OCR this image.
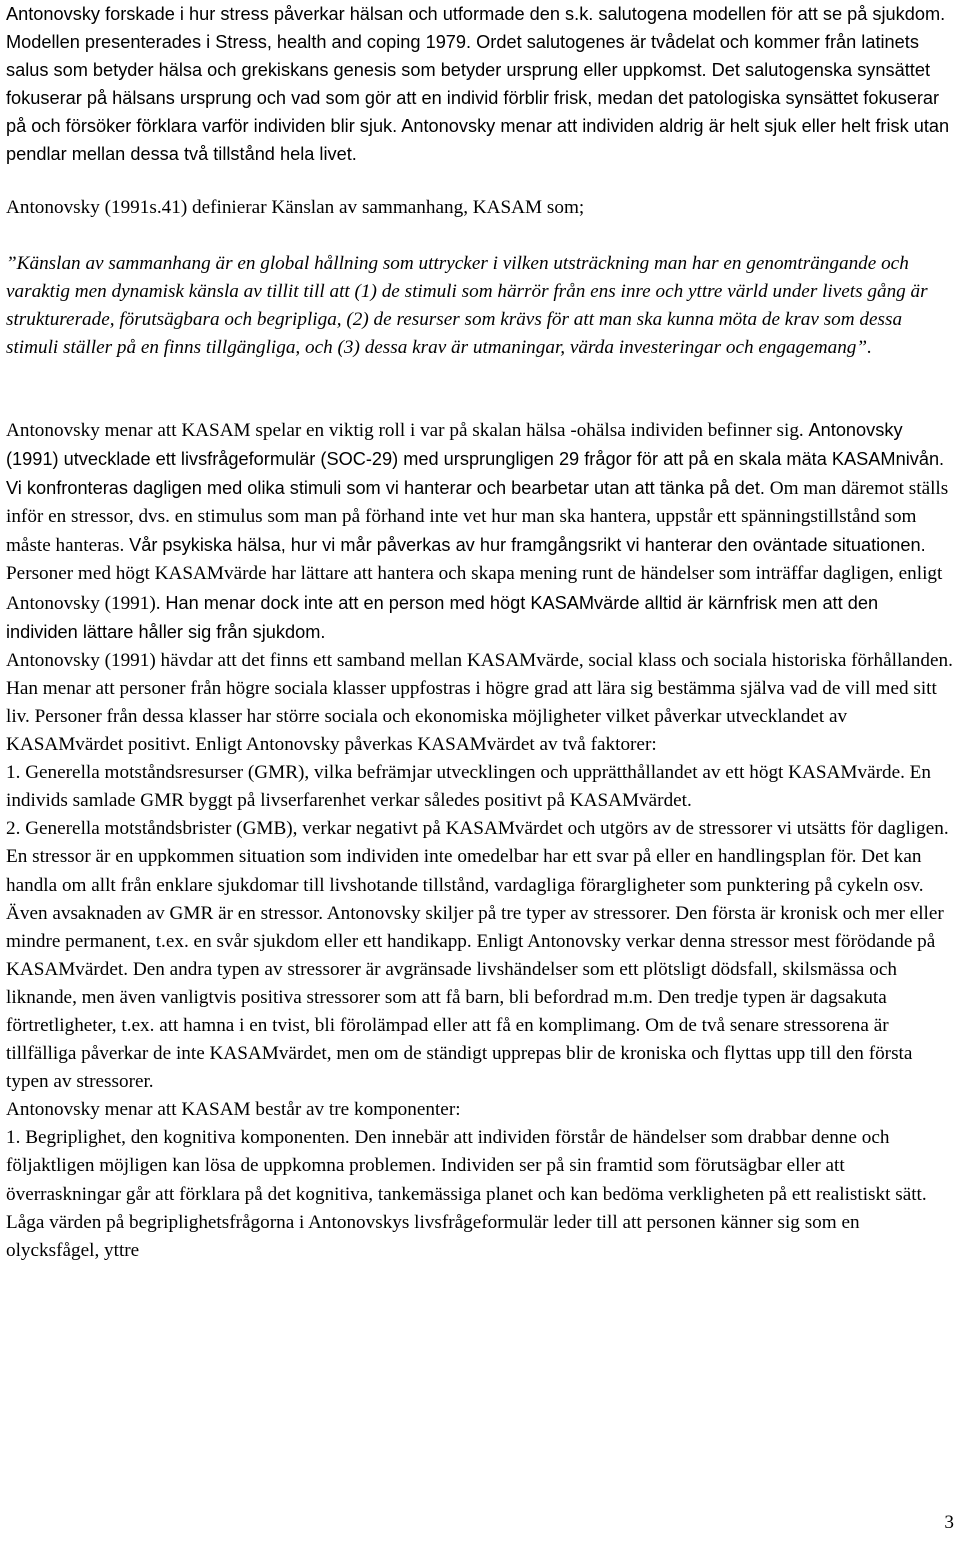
Antonovsky forskade i hur stress påverkar hälsan och utformade den s.k. salutogena modellen för att se på sjukdom. Modellen presenterades i Stress, health and coping 1979. Ordet salutogenes är tvådelat och kommer från latinets salus som betyder hälsa och grekiskans genesis som betyder ursprung eller uppkomst. Det salutogenska synsättet fokuserar på hälsans ursprung och vad som gör att en individ förblir frisk, medan det patologiska synsättet fokuserar på och försöker förklara varför individen blir sjuk. Antonovsky menar att individen aldrig är helt sjuk eller helt frisk utan pendlar mellan dessa två tillstånd hela livet.
Antonovsky (1991s.41) definierar Känslan av sammanhang, KASAM som;
”Känslan av sammanhang är en global hållning som uttrycker i vilken utsträckning man har en genomträngande och varaktig men dynamisk känsla av tillit till att (1) de stimuli som härrör från ens inre och yttre värld under livets gång är strukturerade, förutsägbara och begripliga, (2) de resurser som krävs för att man ska kunna möta de krav som dessa stimuli ställer på en finns tillgängliga, och (3) dessa krav är utmaningar, värda investeringar och engagemang”.
Antonovsky menar att KASAM spelar en viktig roll i var på skalan hälsa -ohälsa individen befinner sig. Antonovsky (1991) utvecklade ett livsfrågeformulär (SOC-29) med ursprungligen 29 frågor för att på en skala mäta KASAMnivån. Vi konfronteras dagligen med olika stimuli som vi hanterar och bearbetar utan att tänka på det. Om man däremot ställs inför en stressor, dvs. en stimulus som man på förhand inte vet hur man ska hantera, uppstår ett spänningstillstånd som måste hanteras. Vår psykiska hälsa, hur vi mår påverkas av hur framgångsrikt vi hanterar den oväntade situationen.
Personer med högt KASAMvärde har lättare att hantera och skapa mening runt de händelser som inträffar dagligen, enligt Antonovsky (1991). Han menar dock inte att en person med högt KASAMvärde alltid är kärnfrisk men att den individen lättare håller sig från sjukdom.
Antonovsky (1991) hävdar att det finns ett samband mellan KASAMvärde, social klass och sociala historiska förhållanden. Han menar att personer från högre sociala klasser uppfostras i högre grad att lära sig bestämma själva vad de vill med sitt liv. Personer från dessa klasser har större sociala och ekonomiska möjligheter vilket påverkar utvecklandet av KASAMvärdet positivt. Enligt Antonovsky påverkas KASAMvärdet av två faktorer:
1. Generella motståndsresurser (GMR), vilka befrämjar utvecklingen och upprätthållandet av ett högt KASAMvärde. En individs samlade GMR byggt på livserfarenhet verkar således positivt på KASAMvärdet.
2. Generella motståndsbrister (GMB), verkar negativt på KASAMvärdet och utgörs av de stressorer vi utsätts för dagligen.
En stressor är en uppkommen situation som individen inte omedelbar har ett svar på eller en handlingsplan för. Det kan handla om allt från enklare sjukdomar till livshotande tillstånd, vardagliga förargligheter som punktering på cykeln osv. Även avsaknaden av GMR är en stressor. Antonovsky skiljer på tre typer av stressorer. Den första är kronisk och mer eller mindre permanent, t.ex. en svår sjukdom eller ett handikapp. Enligt Antonovsky verkar denna stressor mest förödande på KASAMvärdet. Den andra typen av stressorer är avgränsade livshändelser som ett plötsligt dödsfall, skilsmässa och liknande, men även vanligtvis positiva stressorer som att få barn, bli befordrad m.m. Den tredje typen är dagsakuta förtretligheter, t.ex. att hamna i en tvist, bli förolämpad eller att få en komplimang. Om de två senare stressorena är tillfälliga påverkar de inte KASAMvärdet, men om de ständigt upprepas blir de kroniska och flyttas upp till den första typen av stressorer.
Antonovsky menar att KASAM består av tre komponenter:
1. Begriplighet, den kognitiva komponenten. Den innebär att individen förstår de händelser som drabbar denne och följaktligen möjligen kan lösa de uppkomna problemen. Individen ser på sin framtid som förutsägbar eller att överraskningar går att förklara på det kognitiva, tankemässiga planet och kan bedöma verkligheten på ett realistiskt sätt. Låga värden på begriplighetsfrågorna i Antonovskys livsfrågeformulär leder till att personen känner sig som en olycksfågel, yttre
3
